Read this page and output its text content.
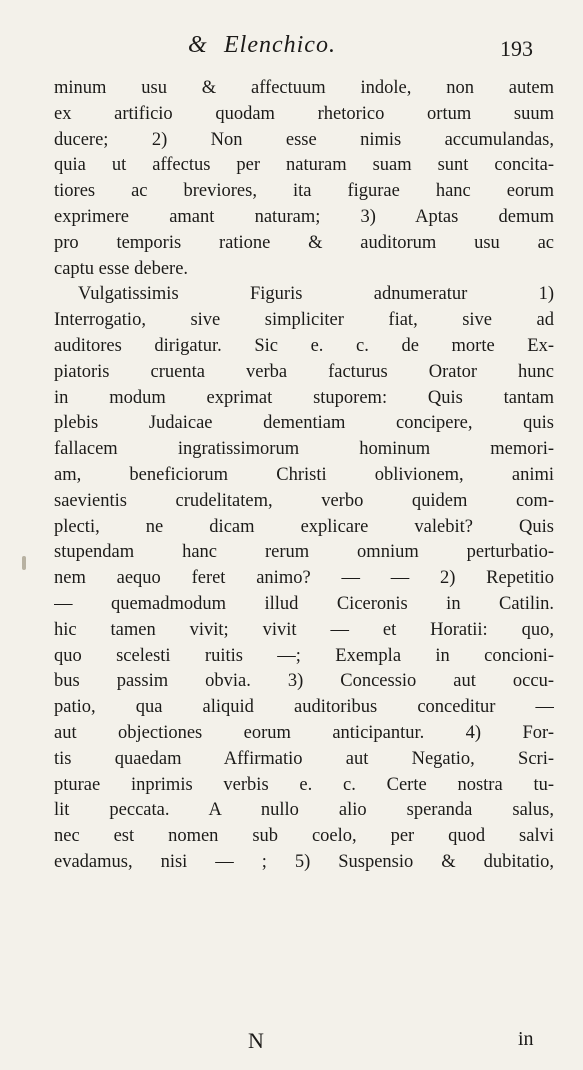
& Elenchico.	193
minum usu & affectuum indole, non autem
ex artificio quodam rhetorico ortum suum
ducere; 2) Non esse nimis accumulandas,
quia ut affectus per naturam suam sunt concita-
tiores ac breviores, ita figurae hanc eorum
exprimere amant naturam; 3) Aptas demum
pro temporis ratione & auditorum usu ac
captu esse debere.
Vulgatissimis Figuris adnumeratur 1)
Interrogatio, sive simpliciter fiat, sive ad
auditores dirigatur. Sic e. c. de morte Ex-
piatoris cruenta verba facturus Orator hunc
in modum exprimat stuporem: Quis tantam
plebis Judaicae dementiam concipere, quis
fallacem ingratissimorum hominum memori-
am, beneficiorum Christi oblivionem, animi
saevientis crudelitatem, verbo quidem com-
plecti, ne dicam explicare valebit? Quis
stupendam hanc rerum omnium perturbatio-
nem aequo feret animo? — — 2) Repetitio
— quemadmodum illud Ciceronis in Catilin.
hic tamen vivit; vivit — et Horatii: quo,
quo scelesti ruitis —; Exempla in concioni-
bus passim obvia. 3) Concessio aut occu-
patio, qua aliquid auditoribus conceditur —
aut objectiones eorum anticipantur. 4) For-
tis quaedam Affirmatio aut Negatio, Scri-
pturae inprimis verbis e. c. Certe nostra tu-
lit peccata. A nullo alio speranda salus,
nec est nomen sub coelo, per quod salvi
evadamus, nisi — ; 5) Suspensio & dubitatio,
N	in
